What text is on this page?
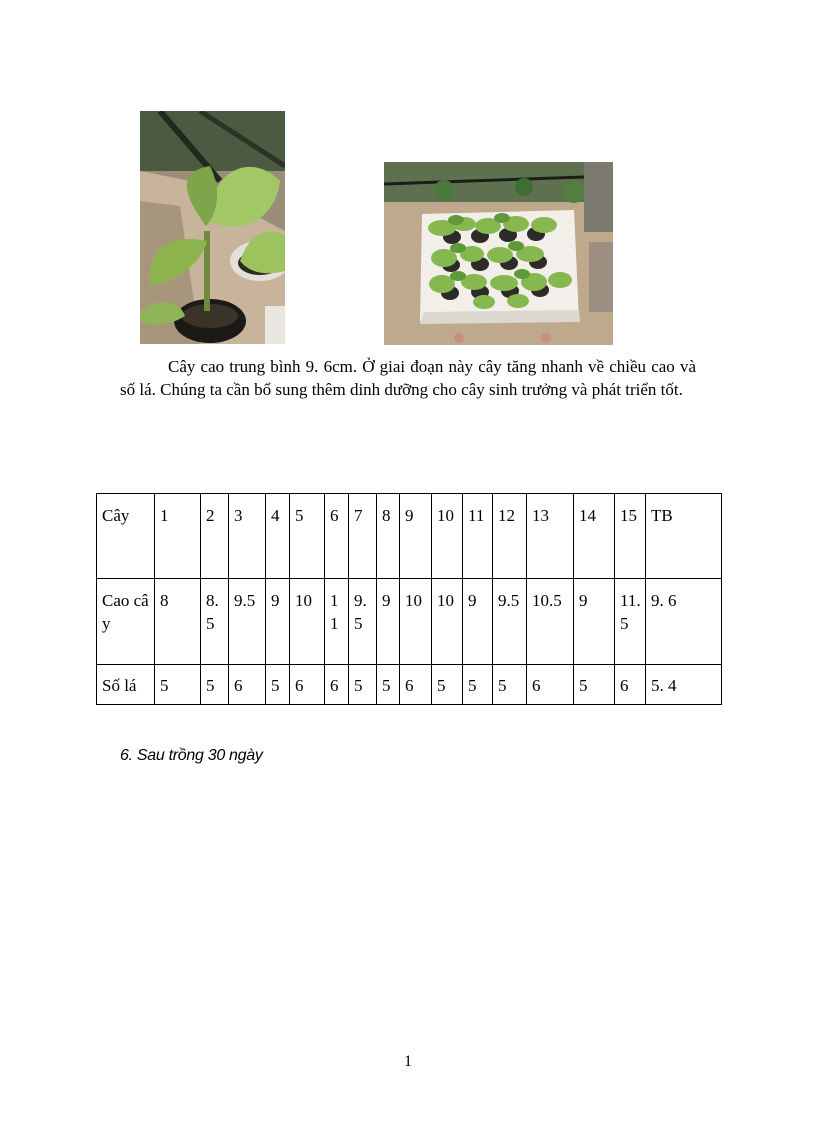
Cây cao trung bình 9. 6cm. Ở giai đoạn này cây tăng nhanh về chiều cao và số lá. Chúng ta cần bổ sung thêm dinh dưỡng cho cây sinh trưởng và phát triển tốt.

Cây	1	2	3	4	5	6	7	8	9	10	11	12	13	14	15	TB
Cao cây	8	8.5	9.5	9	10	11	9.5	9	10	10	9	9.5	10.5	9	11.5	9. 6
Số lá	5	5	6	5	6	6	5	5	6	5	5	5	6	5	6	5. 4
6. Sau trồng 30 ngày
1
